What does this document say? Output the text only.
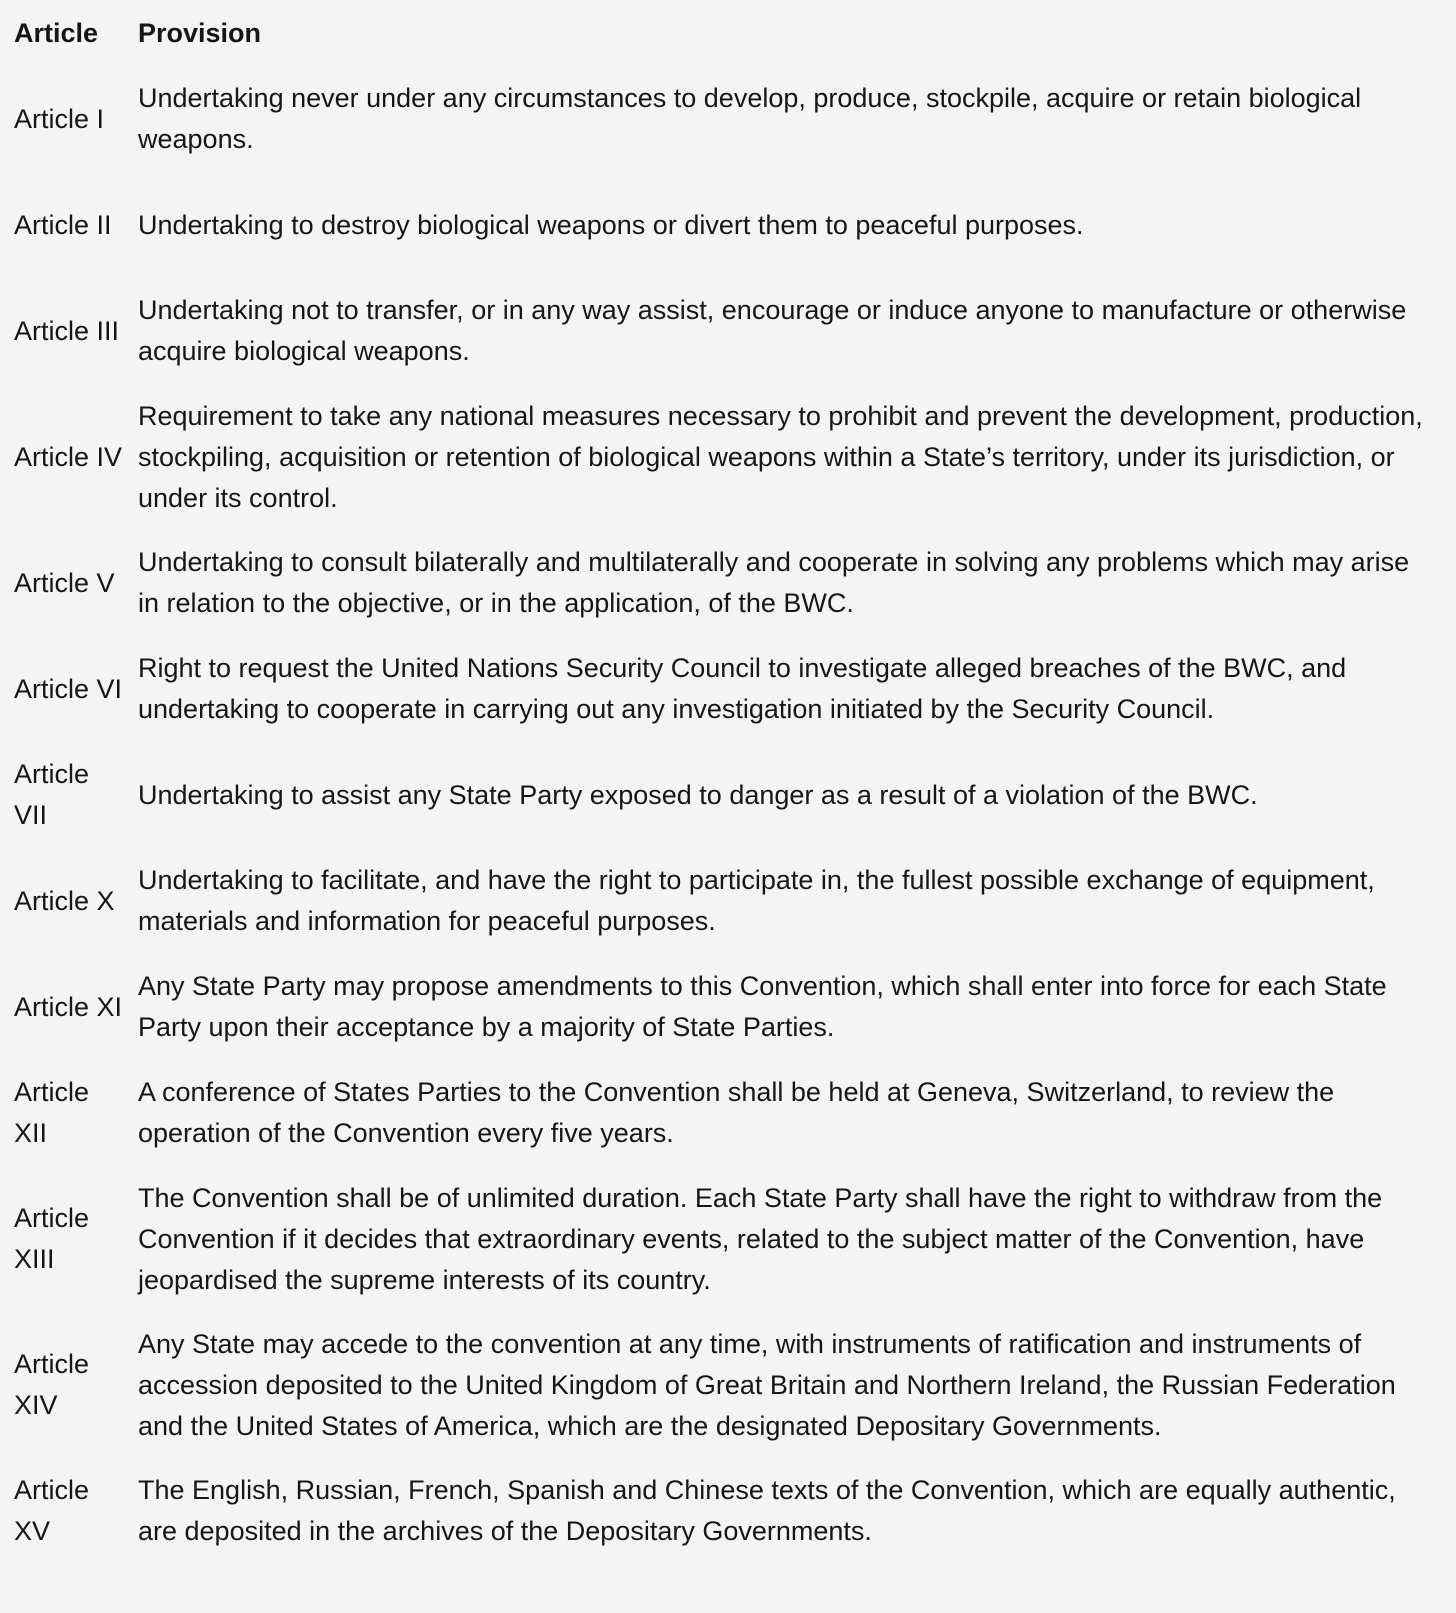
Article	Provision
Article I
Undertaking never under any circumstances to develop, produce, stockpile, acquire or retain biological weapons.
Article II Undertaking to destroy biological weapons or divert them to peaceful purposes.
Article III
Undertaking not to transfer, or in any way assist, encourage or induce anyone to manufacture or otherwise acquire biological weapons.
Article IV
Requirement to take any national measures necessary to prohibit and prevent the development, production, stockpiling, acquisition or retention of biological weapons within a State’s territory, under its jurisdiction, or under its control.
Article V
Undertaking to consult bilaterally and multilaterally and cooperate in solving any problems which may arise in relation to the objective, or in the application, of the BWC.
Article VI
Right to request the United Nations Security Council to investigate alleged breaches of the BWC, and undertaking to cooperate in carrying out any investigation initiated by the Security Council.
Article VII
Undertaking to assist any State Party exposed to danger as a result of a violation of the BWC.
Article X
Undertaking to facilitate, and have the right to participate in, the fullest possible exchange of equipment, materials and information for peaceful purposes.
Article XI
Any State Party may propose amendments to this Convention, which shall enter into force for each State Party upon their acceptance by a majority of State Parties.
Article XII
A conference of States Parties to the Convention shall be held at Geneva, Switzerland, to review the operation of the Convention every five years.
Article XIII
The Convention shall be of unlimited duration. Each State Party shall have the right to withdraw from the Convention if it decides that extraordinary events, related to the subject matter of the Convention, have jeopardised the supreme interests of its country.
Article XIV
Any State may accede to the convention at any time, with instruments of ratification and instruments of accession deposited to the United Kingdom of Great Britain and Northern Ireland, the Russian Federation and the United States of America, which are the designated Depositary Governments.
Article XV
The English, Russian, French, Spanish and Chinese texts of the Convention, which are equally authentic, are deposited in the archives of the Depositary Governments.
